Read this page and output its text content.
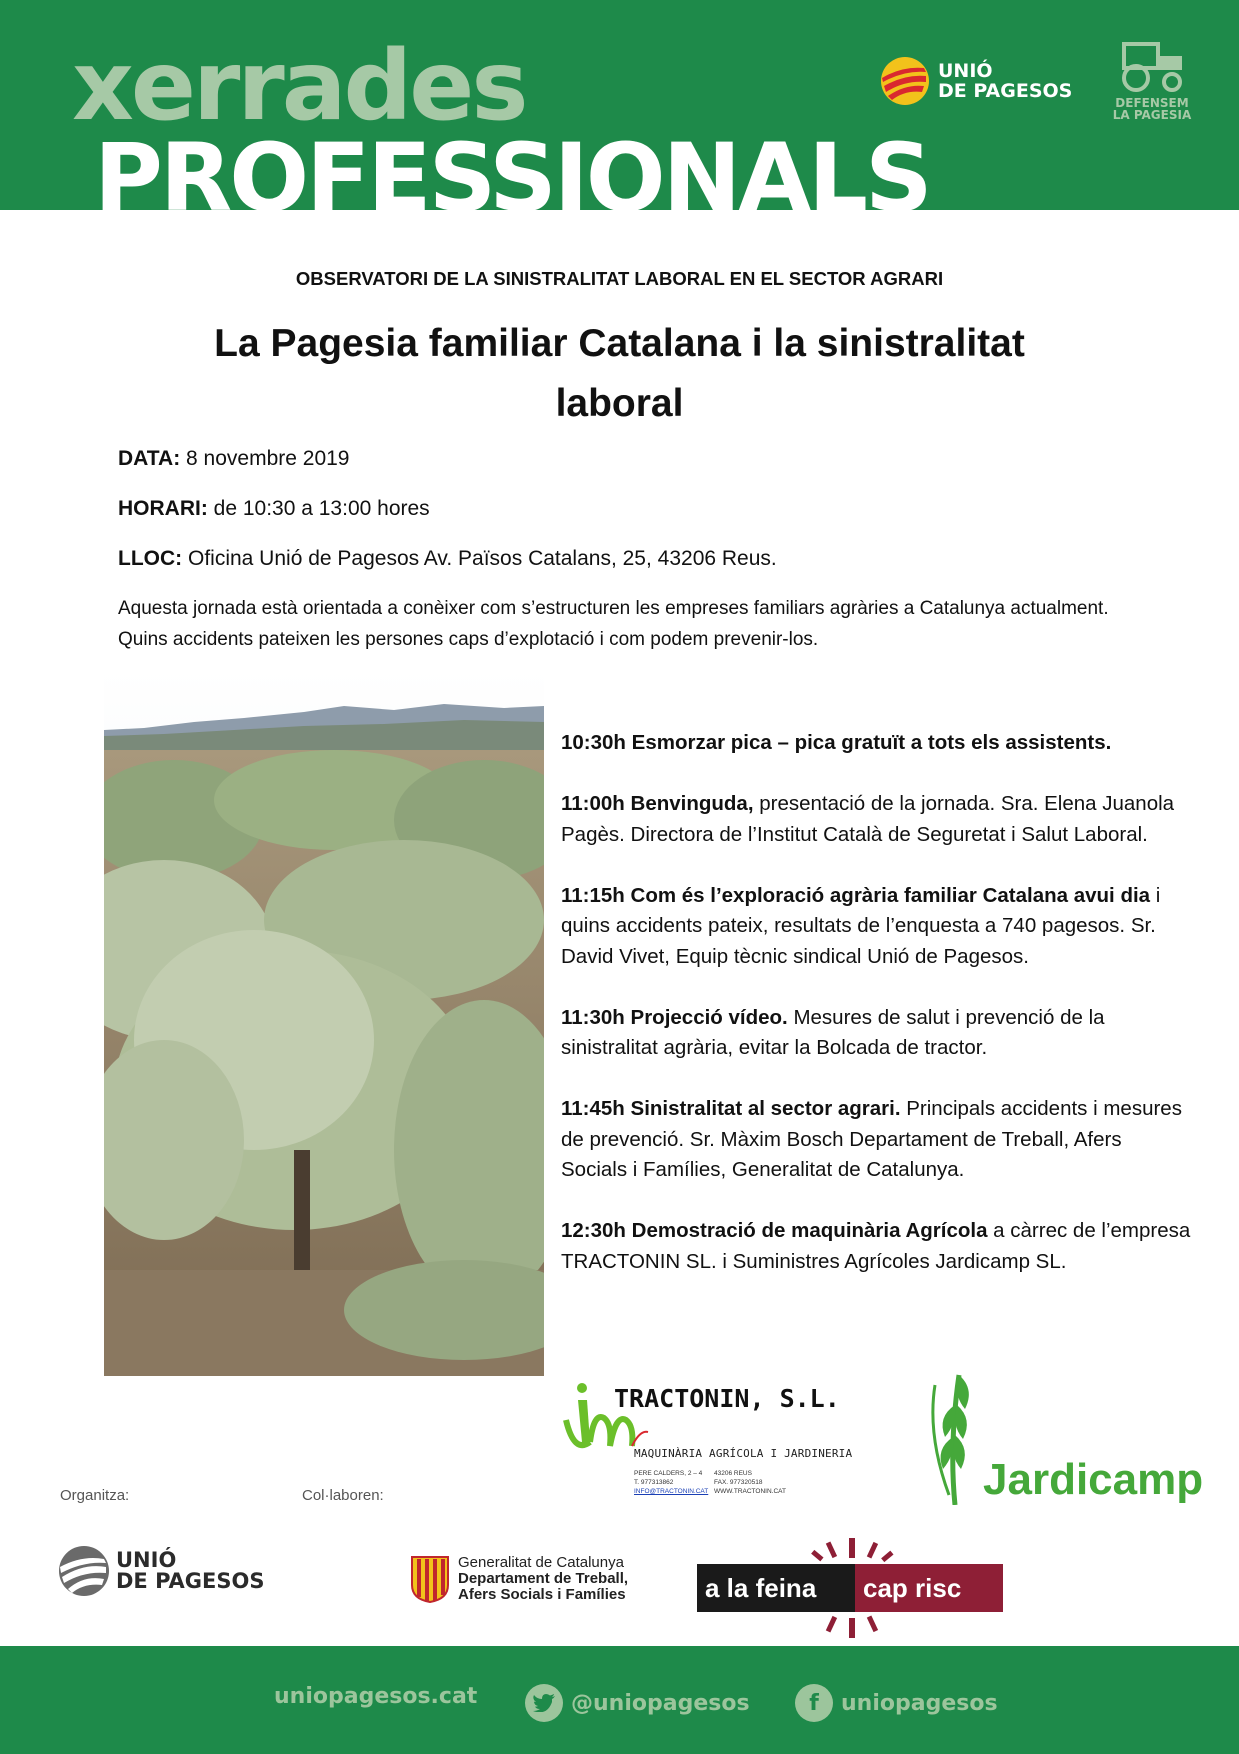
xerrades
PROFESSIONALS
UNIÓ
DE PAGESOS
DEFENSEM
LA PAGESIA
OBSERVATORI DE LA SINISTRALITAT LABORAL EN EL SECTOR AGRARI
La Pagesia familiar Catalana i la sinistralitat
laboral
DATA: 8 novembre 2019
HORARI: de 10:30 a 13:00 hores
LLOC: Oficina Unió de Pagesos Av. Països Catalans, 25, 43206 Reus.
Aquesta jornada està orientada a conèixer com s’estructuren les empreses familiars agràries a Catalunya actualment. Quins accidents pateixen les persones caps d’explotació i com podem prevenir-los.
10:30h Esmorzar pica – pica gratuït a tots els assistents.
11:00h Benvinguda, presentació de la jornada. Sra. Elena Juanola Pagès. Directora de l’Institut Català de Seguretat i Salut Laboral.
11:15h Com és l’exploració agrària familiar Catalana avui dia i quins accidents pateix, resultats de l’enquesta a 740 pagesos. Sr. David Vivet, Equip tècnic sindical Unió de Pagesos.
11:30h Projecció vídeo. Mesures de salut i prevenció de la sinistralitat agrària, evitar la Bolcada de tractor.
11:45h Sinistralitat al sector agrari. Principals accidents i mesures de prevenció. Sr. Màxim Bosch Departament de Treball, Afers Socials i Famílies, Generalitat de Catalunya.
12:30h Demostració de maquinària Agrícola a càrrec de l’empresa TRACTONIN SL. i Suministres Agrícoles Jardicamp SL.
TRACTONIN, S.L.
MAQUINÀRIA AGRÍCOLA I JARDINERIA
PERE CALDERS, 2 – 4
T. 977313862
INFO@TRACTONIN.CAT
43206 REUS
FAX. 977320518
WWW.TRACTONIN.CAT	Jardicamp
Organitza:	Col·laboren:
UNIÓ
DE PAGESOS
Generalitat de Catalunya
Departament de Treball,
Afers Socials i Famílies	a la feina cap risc
uniopagesos.cat	@uniopagesos	f	uniopagesos
